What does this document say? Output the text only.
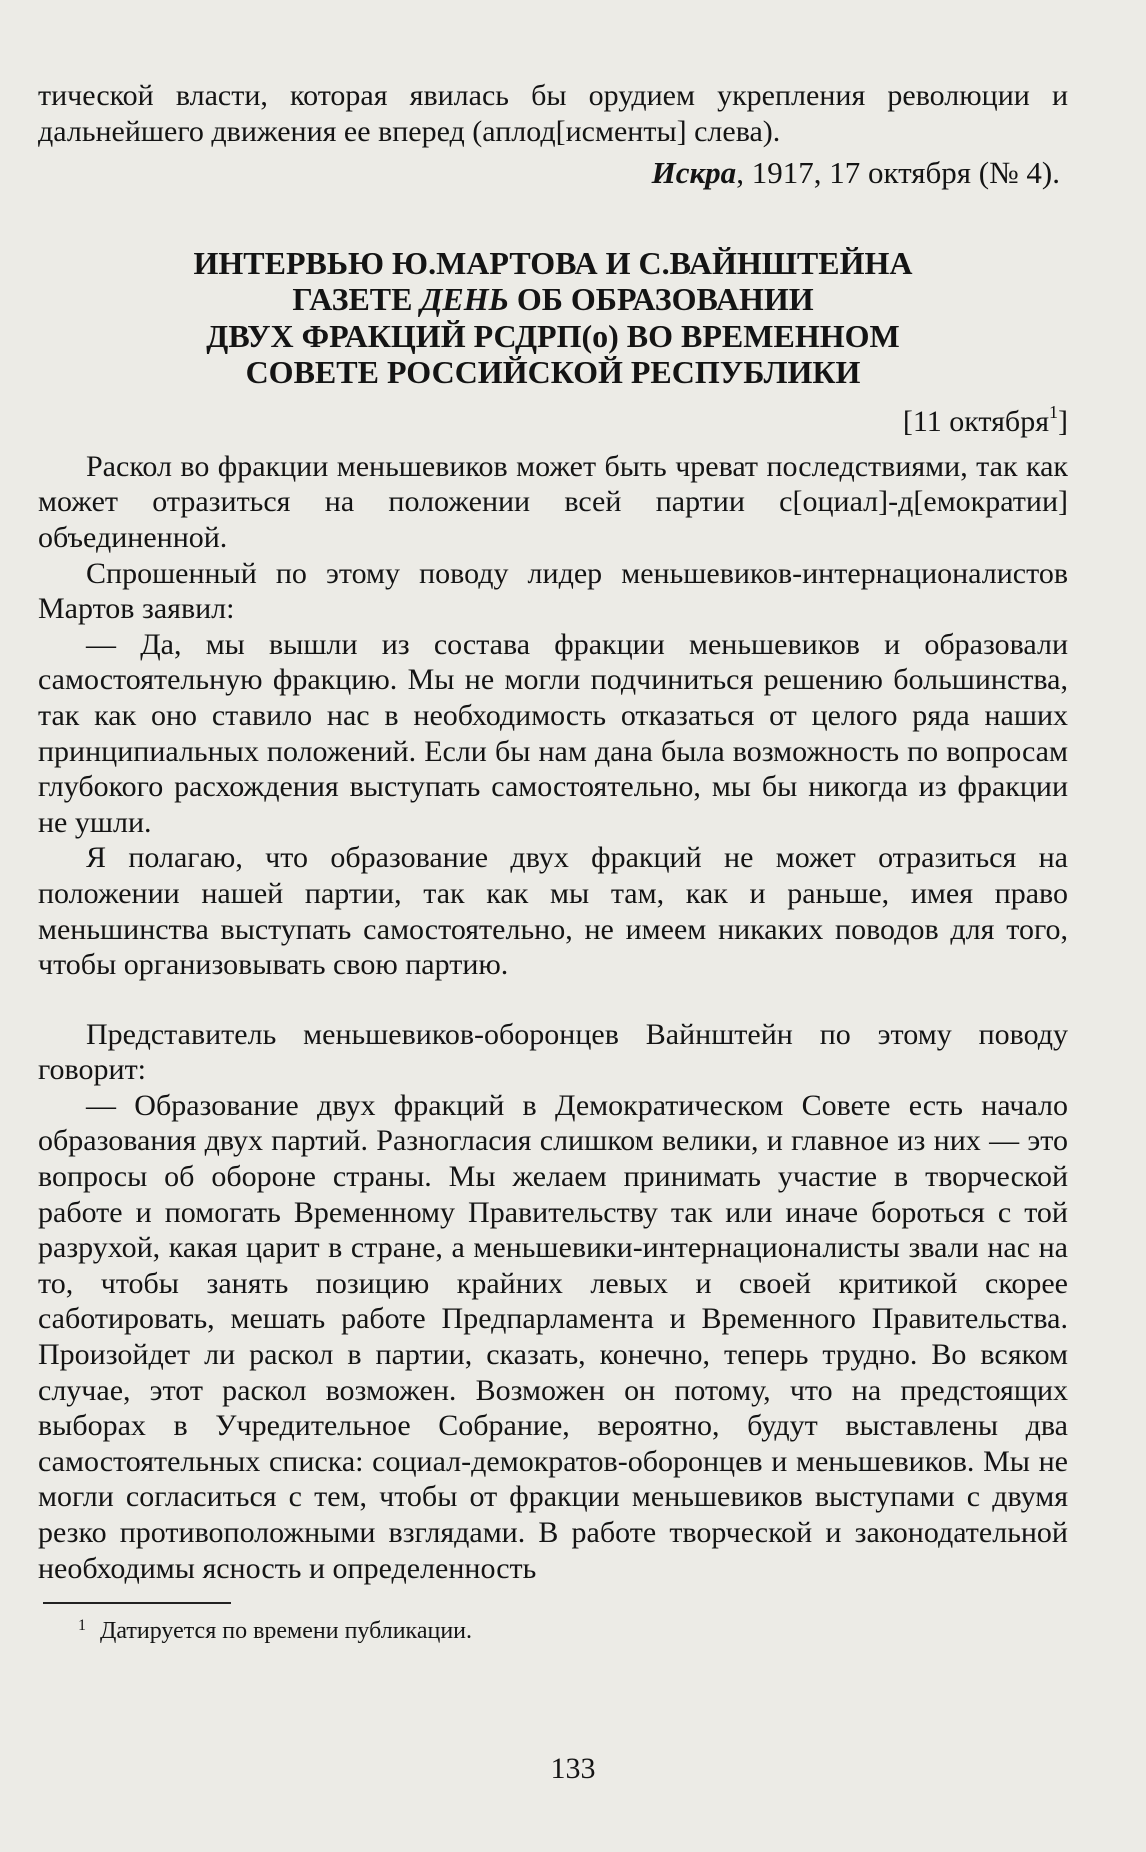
тической власти, которая явилась бы орудием укрепления революции и дальнейшего движения ее вперед (аплод[исменты] слева).

Искра, 1917, 17 октября (№ 4).

ИНТЕРВЬЮ Ю.МАРТОВА И С.ВАЙНШТЕЙНА
ГАЗЕТЕ ДЕНЬ ОБ ОБРАЗОВАНИИ
ДВУХ ФРАКЦИЙ РСДРП(о) ВО ВРЕМЕННОМ
СОВЕТЕ РОССИЙСКОЙ РЕСПУБЛИКИ
[11 октября$^1$]

Раскол во фракции меньшевиков может быть чреват последствиями, так как может отразиться на положении всей партии с[оциал]-д[емократии] объединенной.

Спрошенный по этому поводу лидер меньшевиков-интернационалистов Мартов заявил:

— Да, мы вышли из состава фракции меньшевиков и образовали самостоятельную фракцию. Мы не могли подчиниться решению большинства, так как оно ставило нас в необходимость отказаться от целого ряда наших принципиальных положений. Если бы нам дана была возможность по вопросам глубокого расхождения выступать самостоятельно, мы бы никогда из фракции не ушли.

Я полагаю, что образование двух фракций не может отразиться на положении нашей партии, так как мы там, как и раньше, имея право меньшинства выступать самостоятельно, не имеем никаких поводов для того, чтобы организовывать свою партию.

Представитель меньшевиков-оборонцев Вайнштейн по этому поводу говорит:

— Образование двух фракций в Демократическом Совете есть начало образования двух партий. Разногласия слишком велики, и главное из них — это вопросы об обороне страны. Мы желаем принимать участие в творческой работе и помогать Временному Правительству так или иначе бороться с той разрухой, какая царит в стране, а меньшевики-интернационалисты звали нас на то, чтобы занять позицию крайних левых и своей критикой скорее саботировать, мешать работе Предпарламента и Временного Правительства. Произойдет ли раскол в партии, сказать, конечно, теперь трудно. Во всяком случае, этот раскол возможен. Возможен он потому, что на предстоящих выборах в Учредительное Собрание, вероятно, будут выставлены два самостоятельных списка: социал-демократов-оборонцев и меньшевиков. Мы не могли согласиться с тем, чтобы от фракции меньшевиков выступами с двумя резко противоположными взглядами. В работе творческой и законодательной необходимы ясность и определенность

$^1$ Датируется по времени публикации.

133
